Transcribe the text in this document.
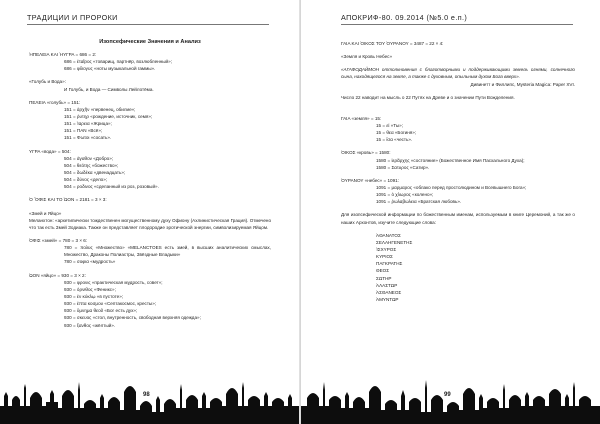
ТРАДИЦИИ И ПРОРОКИ
Изопсефические Значения и Анализ
ἩΠΕΛΕΙΑ ΚΑΙ ἩΥΓΡΑ = 686 = 2:
686 = ἑταῖρος «товарищ, партнёр, возлюбленный»;
686 = φίλογυς «ноты музыкальной гаммы».
«Голубь и Вода»:
И Голубь, и Вода — Символы Лейлотёма.
ΠΕΛΕΙΑ «голубь» = 151:
151 = ἀρχῆν «первенец, обилие»;
151 = ῥυτηρ «рождение, источник, семя»;
151 = Ἰαρεια «Жрица»;
151 = ΠΑΝ «Всё»;
151 = Φωτοι «сосать».
ΥΓΡΑ «вода» = 504:
504 = ἀγαθον «Добро»;
504 = θεότης «божество»;
504 = δωδέκα «двенадцать»;
504 = δύνος «дело»;
504 = ροδινος «сделанный из роз, розовый».
Ὁ ὌΦΙΣ ΚΑΙ ΤΟ ὨΟΝ = 2181 = 3 × 3:
«Змей и Яйцо»
Меланхтон: «архетипически тождественен могущественному духу Офиону (Ахлинистическая Грация). Отмечено что так есть Змей Зодиака. Также он представляет плодородие эротической энергии, символизируемая Яйцом.
ὉΦΙΣ «змей» = 780 = 3 × 6:
780 = πολυς «Множество» «MELANCTOES есть змей, в высших аналитических смыслах, Множество, Драконы Полиастры, Звёздные Владыки»
780 = σοφια «мудрость»
ὨΟΝ «яйцо» = 930 = 3 × 2:
930 = φρονις «практическая мудрость, совет»;
930 = ὀρνιθος «Феникс»;
930 = ἐν κύκλῳ «в пустоте»;
930 = ἑπτα κοσμου «Септакосмос, кресты»;
930 = ὕμνημα θεοῦ «Бог есть дух»;
930 = σκευος «стол, внутренность, свободная верхняя одежда»;
930 = ξανθος «жёлтый».
98
АПОКРИФ-80. 09.2014 (№5.0 е.п.)
ΓΑΙΑ ΚΑΙ ὉΙΚΟΣ ΤΟΥ ὈΥΡΑΝΟΥ = 3487 = 22 × 4:
«Земля и Кровь Небес»
«АГАФОДАЙМОН оттолкновения с благотворными и поддерживающими земель огнями, солнечного сына, находящегося на земле, а также с духовным, опыльным духом Бога вверх».
Дивинетт и Филлипс, Mysteria Magica: Paper XVI.
Число 22 наводит на мысль о 22 Путях на Древе и о значении Пути Вожделения.
ΓΑΙΑ «земля» = 15:
15 = εἰ «Ты»;
15 = θεα «Богиня»;
15 = ἴσα «честь».
ὉΙΚΟΣ «кровь» = 1580:
1580 = ἱερᾶρχης «состояние» (Божественное Имя Пасхального Духа);
1580 = Σατυρος «Сатир».
ὈΥΡΑΝΟΥ «небес» = 1091:
1091 = μαρμαρος «облако перед простолюдином и Всевышнего Бога»;
1091 = ὁ χλωρος «колено»;
1091 = ῥωλαβωλεια «Братская любовь».
Для изопсефической информации по божественным именам, используемым в книге Церемоний, а так же о наших Архонтов, изучите следующие слова:
ἈΘΑΝΑΤΟΣ
ΣΕΛΑΗΓΕΝΕΤΗΣ
ἸΣΧΥΡΟΣ
ΚΥΡΙΟΣ
ΠΑΓΚΡΑΤΗΣ
ΘΕΟΣ
ΣΩΤΗΡ
ἈΛΑΣΤΩΡ
ἈΣΘΑΝΕΟΣ
ἈΜΥΝΤΩΡ
99
